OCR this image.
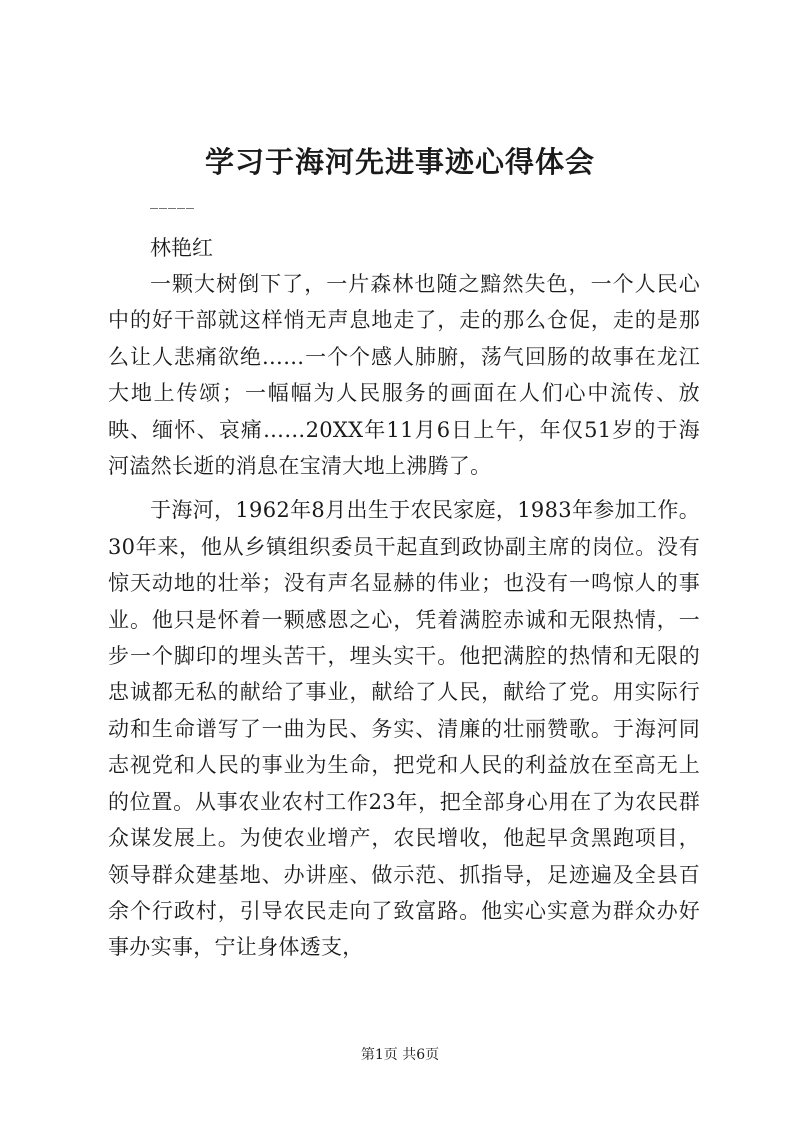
学习于海河先进事迹心得体会
_____

林艳红

一颗大树倒下了，一片森林也随之黯然失色，一个人民心中的好干部就这样悄无声息地走了，走的那么仓促，走的是那么让人悲痛欲绝……一个个感人肺腑，荡气回肠的故事在龙江大地上传颂；一幅幅为人民服务的画面在人们心中流传、放映、缅怀、哀痛……20XX年11月6日上午，年仅51岁的于海河溘然长逝的消息在宝清大地上沸腾了。

于海河，1962年8月出生于农民家庭，1983年参加工作。30年来，他从乡镇组织委员干起直到政协副主席的岗位。没有惊天动地的壮举；没有声名显赫的伟业；也没有一鸣惊人的事业。他只是怀着一颗感恩之心，凭着满腔赤诚和无限热情，一步一个脚印的埋头苦干，埋头实干。他把满腔的热情和无限的忠诚都无私的献给了事业，献给了人民，献给了党。用实际行动和生命谱写了一曲为民、务实、清廉的壮丽赞歌。于海河同志视党和人民的事业为生命，把党和人民的利益放在至高无上的位置。从事农业农村工作23年，把全部身心用在了为农民群众谋发展上。为使农业增产，农民增收，他起早贪黑跑项目，领导群众建基地、办讲座、做示范、抓指导，足迹遍及全县百余个行政村，引导农民走向了致富路。他实心实意为群众办好事办实事，宁让身体透支，

第1页 共6页
